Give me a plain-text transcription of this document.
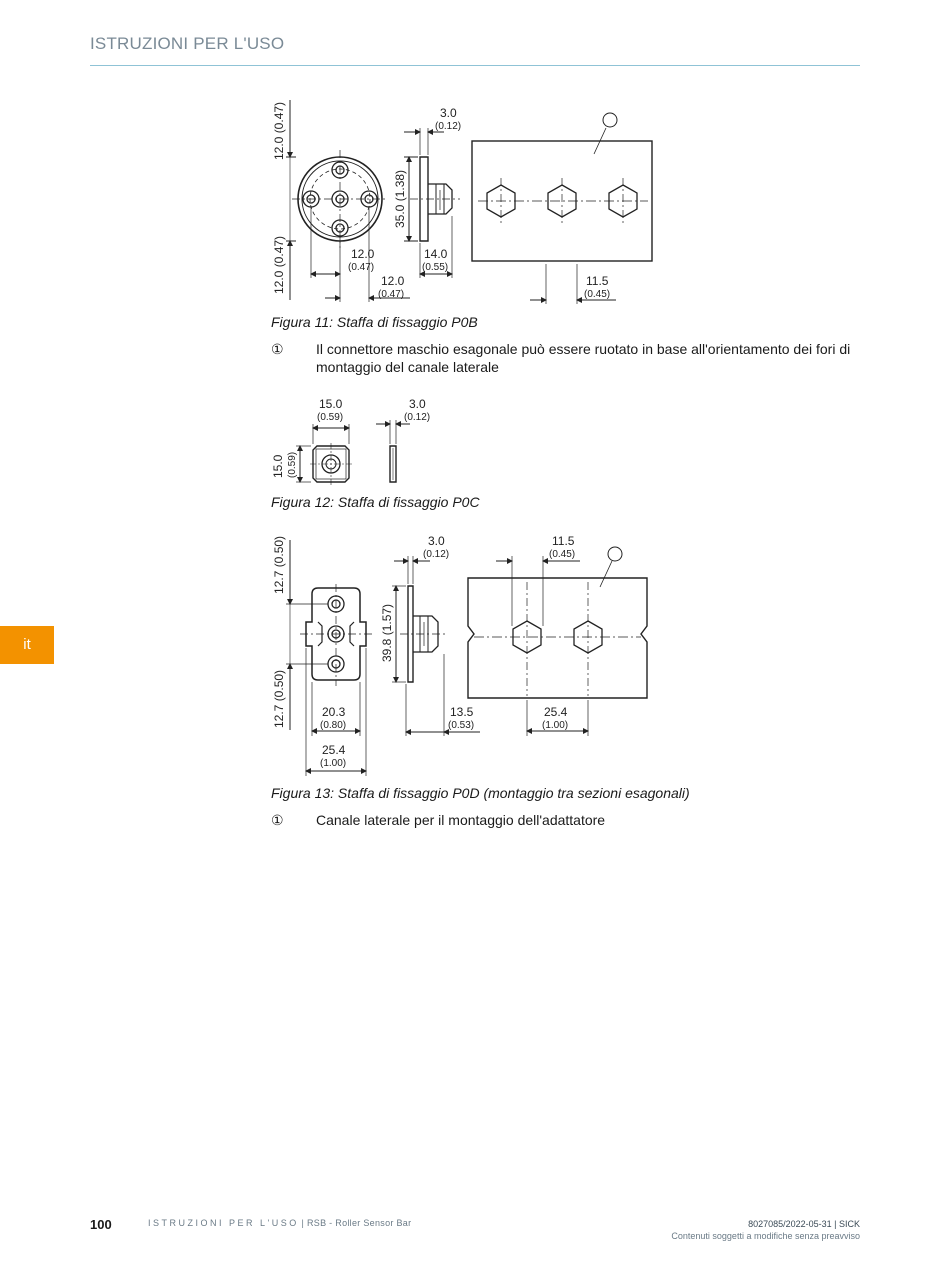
ISTRUZIONI PER L'USO
it
12.0 (0.47)
12.0 (0.47)
35.0 (1.38)
3.0
(0.12)
12.0
(0.47)
12.0
(0.47)
14.0
(0.55)
11.5
(0.45)
15.0
(0.59)
15.0 (0.59)
3.0
(0.12)
12.7 (0.50)
12.7 (0.50)
39.8 (1.57)
3.0
(0.12)
11.5
(0.45)
20.3
(0.80)
25.4
(1.00)
13.5
(0.53)
25.4
(1.00)
Figura 11: Staffa di fissaggio P0B
① Il connettore maschio esagonale può essere ruotato in base all'orientamento dei fori di montaggio del canale laterale
Figura 12: Staffa di fissaggio P0C
Figura 13: Staffa di fissaggio P0D (montaggio tra sezioni esagonali)
① Canale laterale per il montaggio dell'adattatore
100	ISTRUZIONI PER L'USO | RSB - Roller Sensor Bar	8027085/2022-05-31 | SICK
Contenuti soggetti a modifiche senza preavviso
